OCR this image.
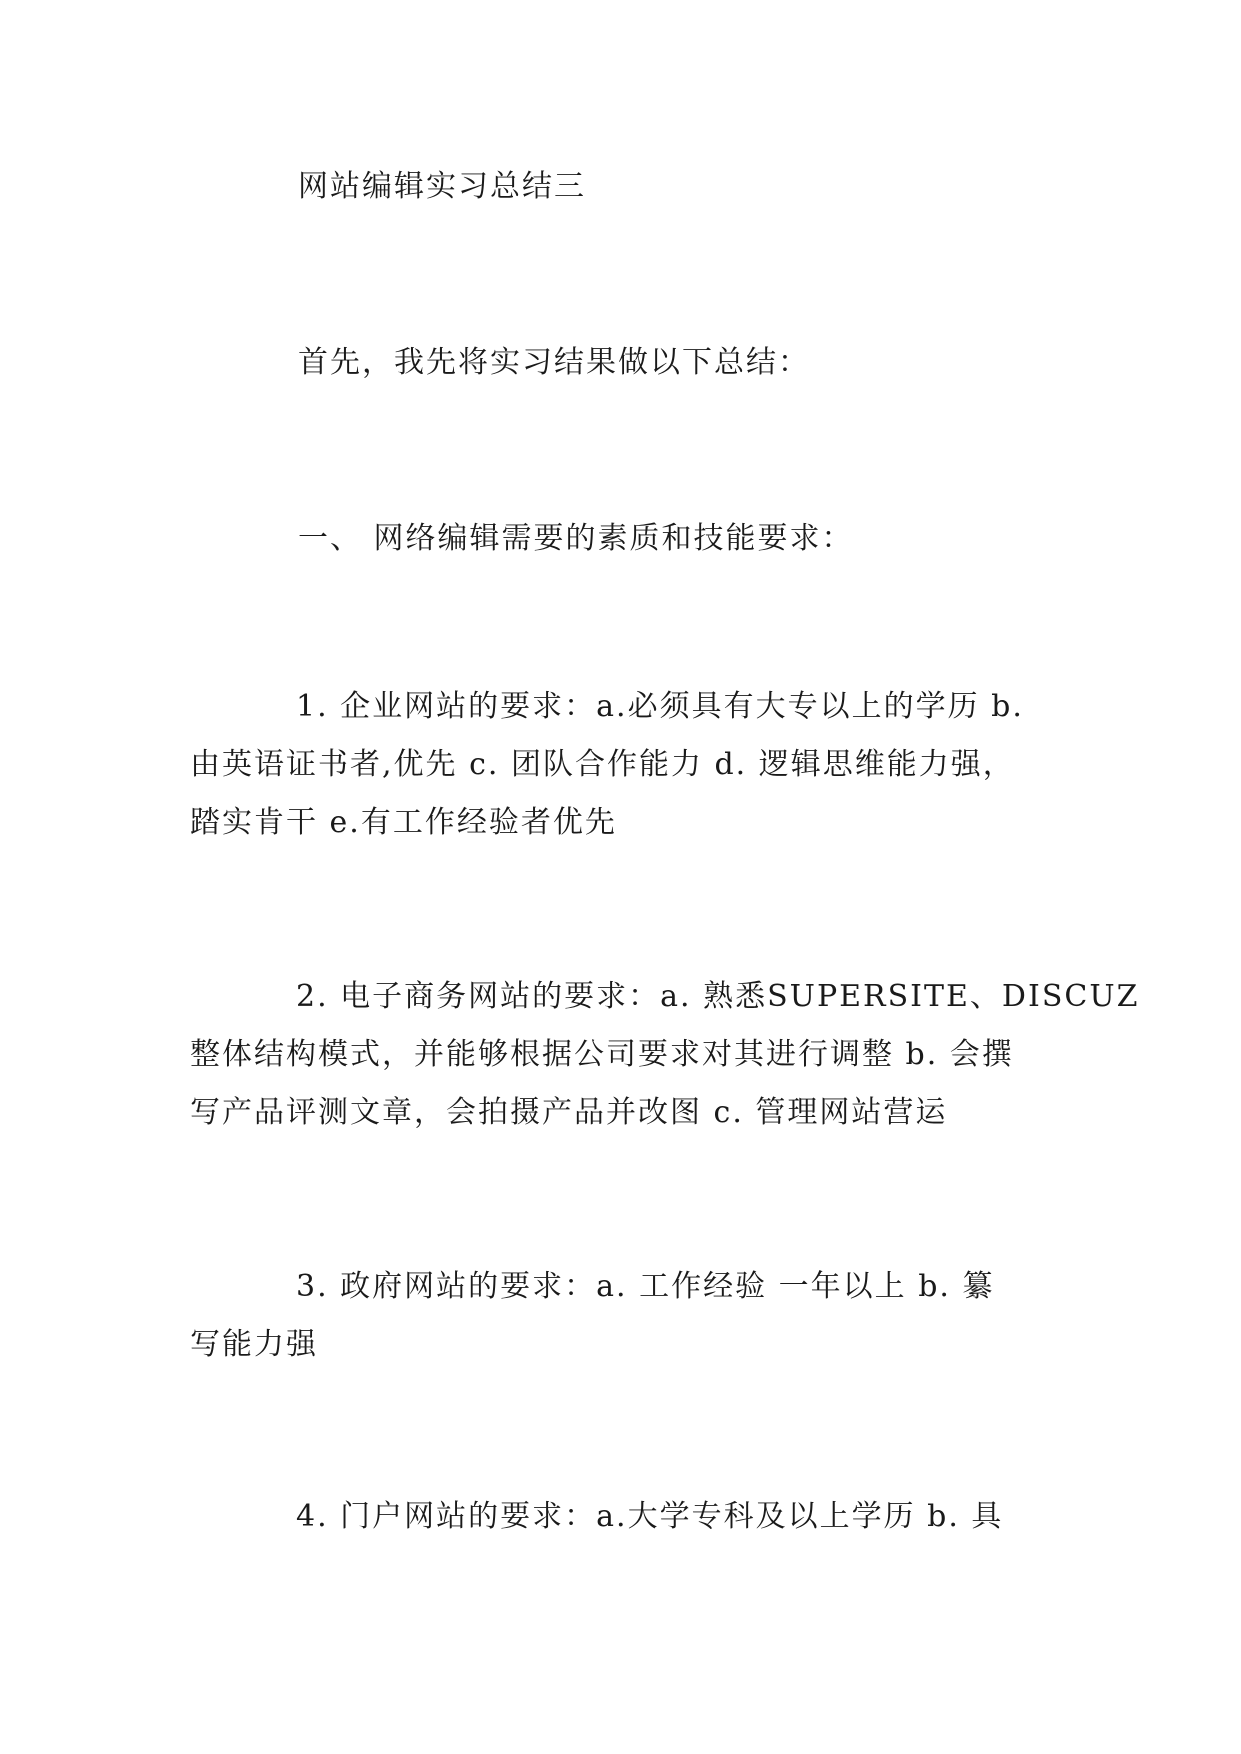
网站编辑实习总结三
首先，我先将实习结果做以下总结：
一、 网络编辑需要的素质和技能要求：
1. 企业网站的要求：a.必须具有大专以上的学历 b.
由英语证书者,优先 c. 团队合作能力 d. 逻辑思维能力强，
踏实肯干 e.有工作经验者优先
2. 电子商务网站的要求：a. 熟悉SUPERSITE、DISCUZ
整体结构模式，并能够根据公司要求对其进行调整 b. 会撰
写产品评测文章，会拍摄产品并改图 c. 管理网站营运
3. 政府网站的要求：a. 工作经验 一年以上 b. 纂
写能力强
4. 门户网站的要求：a.大学专科及以上学历 b. 具
